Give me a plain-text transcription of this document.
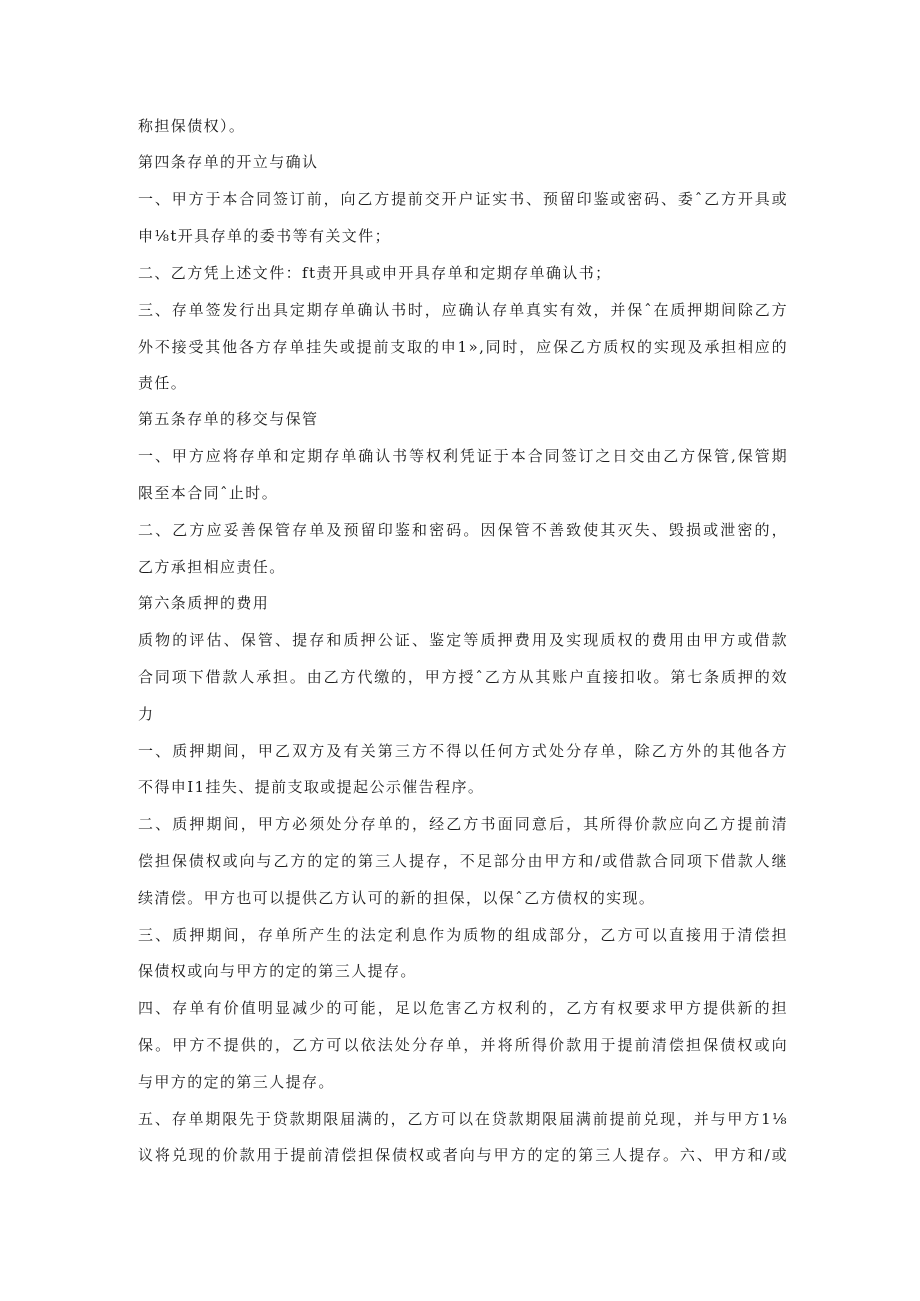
称担保债权）。
第四条存单的开立与确认
一、甲方于本合同签订前，向乙方提前交开户证实书、预留印鉴或密码、委ˆ乙方开具或
申⅛t开具存单的委书等有关文件；
二、乙方凭上述文件：ft责开具或申开具存单和定期存单确认书；
三、存单签发行出具定期存单确认书时，应确认存单真实有效，并保ˆ在质押期间除乙方
外不接受其他各方存单挂失或提前支取的申1»,同时，应保乙方质权的实现及承担相应的
责任。
第五条存单的移交与保管
一、甲方应将存单和定期存单确认书等权利凭证于本合同签订之日交由乙方保管,保管期
限至本合同ˆ止时。
二、乙方应妥善保管存单及预留印鉴和密码。因保管不善致使其灭失、毁损或泄密的，
乙方承担相应责任。
第六条质押的费用
质物的评估、保管、提存和质押公证、鉴定等质押费用及实现质权的费用由甲方或借款
合同项下借款人承担。由乙方代缴的，甲方授ˆ乙方从其账户直接扣收。第七条质押的效
力
一、质押期间，甲乙双方及有关第三方不得以任何方式处分存单，除乙方外的其他各方
不得申I1挂失、提前支取或提起公示催告程序。
二、质押期间，甲方必须处分存单的，经乙方书面同意后，其所得价款应向乙方提前清
偿担保债权或向与乙方的定的第三人提存，不足部分由甲方和/或借款合同项下借款人继
续清偿。甲方也可以提供乙方认可的新的担保，以保ˆ乙方债权的实现。
三、质押期间，存单所产生的法定利息作为质物的组成部分，乙方可以直接用于清偿担
保债权或向与甲方的定的第三人提存。
四、存单有价值明显减少的可能，足以危害乙方权利的，乙方有权要求甲方提供新的担
保。甲方不提供的，乙方可以依法处分存单，并将所得价款用于提前清偿担保债权或向
与甲方的定的第三人提存。
五、存单期限先于贷款期限届满的，乙方可以在贷款期限届满前提前兑现，并与甲方1⅛
议将兑现的价款用于提前清偿担保债权或者向与甲方的定的第三人提存。六、甲方和/或
